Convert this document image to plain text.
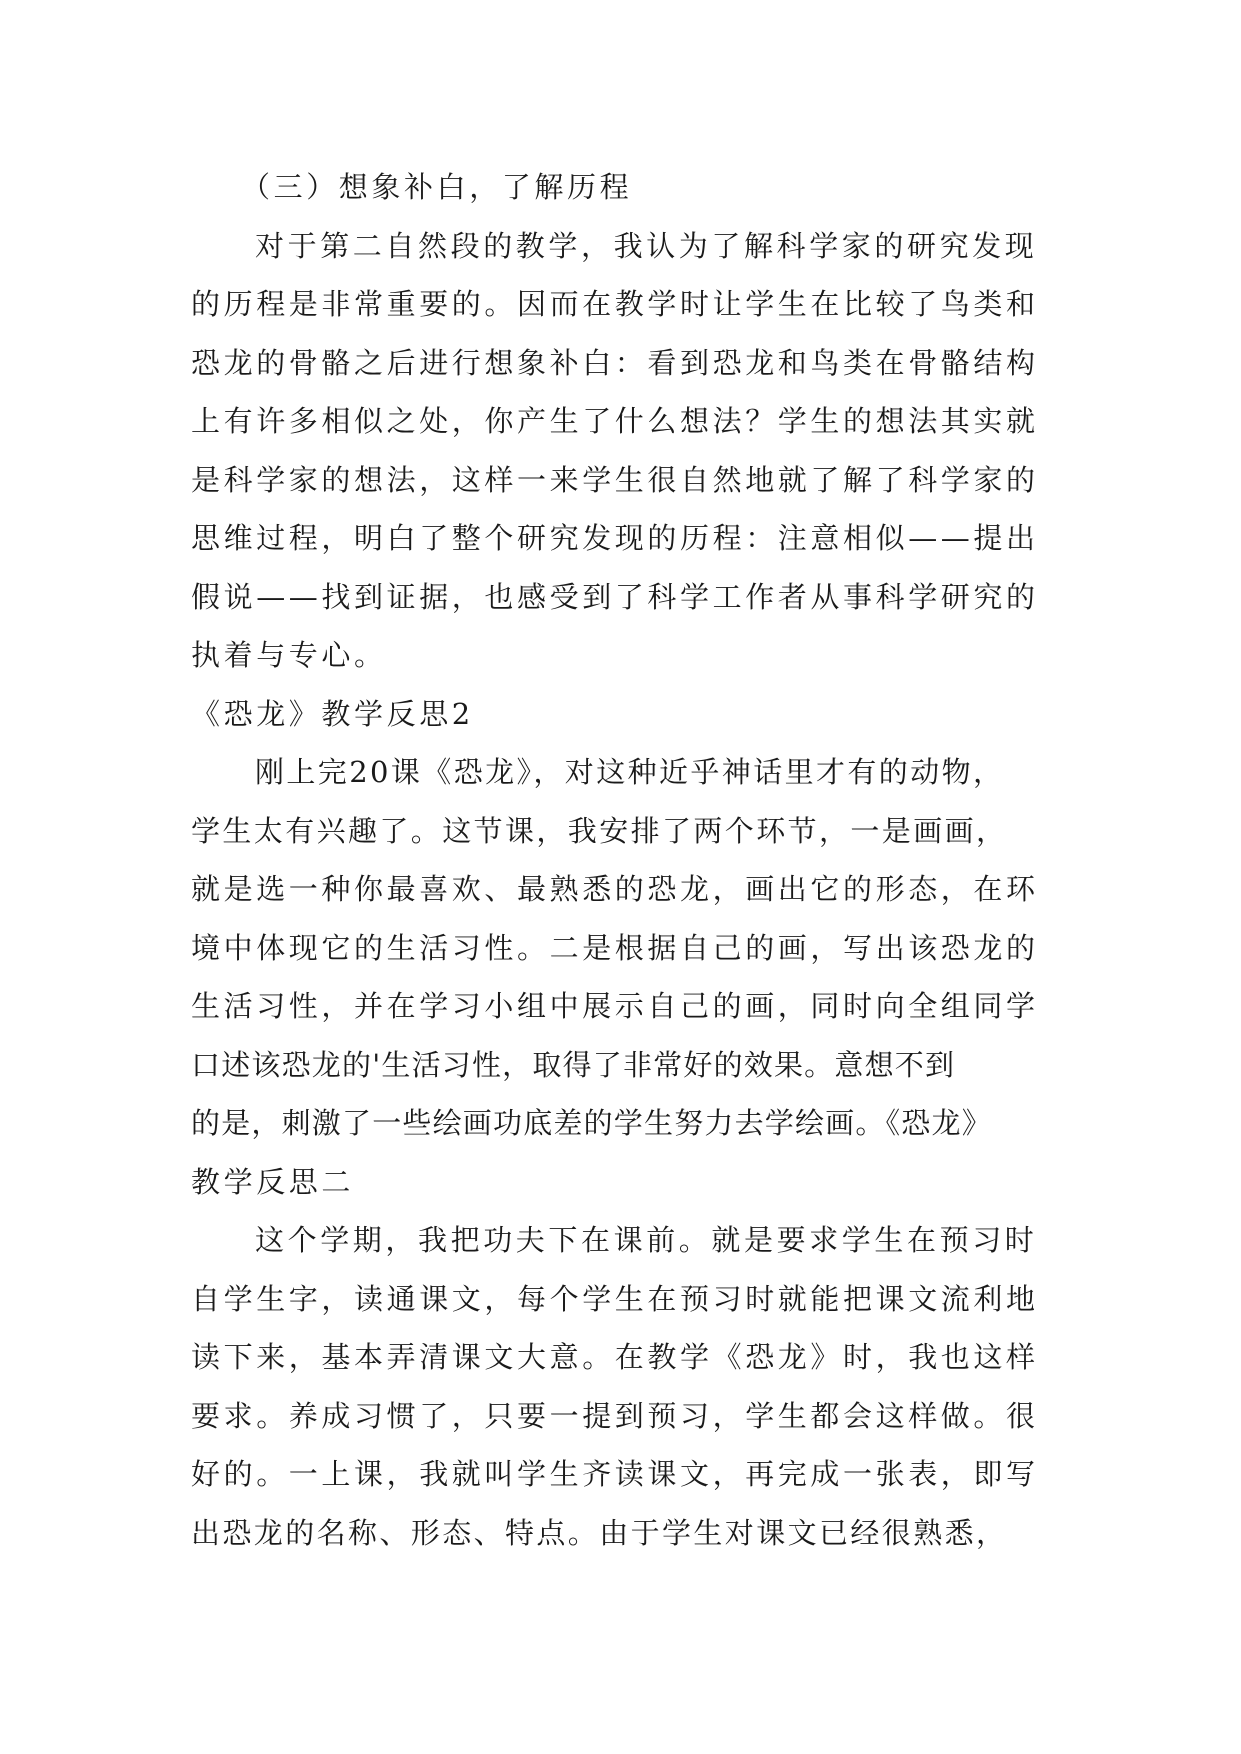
（三）想象补白，了解历程
对于第二自然段的教学，我认为了解科学家的研究发现
的历程是非常重要的。因而在教学时让学生在比较了鸟类和
恐龙的骨骼之后进行想象补白：看到恐龙和鸟类在骨骼结构
上有许多相似之处，你产生了什么想法？学生的想法其实就
是科学家的想法，这样一来学生很自然地就了解了科学家的
思维过程，明白了整个研究发现的历程：注意相似——提出
假说——找到证据，也感受到了科学工作者从事科学研究的
执着与专心。
《恐龙》教学反思2
刚上完20课《恐龙》，对这种近乎神话里才有的动物，
学生太有兴趣了。这节课，我安排了两个环节，一是画画，
就是选一种你最喜欢、最熟悉的恐龙，画出它的形态，在环
境中体现它的生活习性。二是根据自己的画，写出该恐龙的
生活习性，并在学习小组中展示自己的画，同时向全组同学
口述该恐龙的'生活习性，取得了非常好的效果。意想不到
的是，刺激了一些绘画功底差的学生努力去学绘画。《恐龙》
教学反思二
这个学期，我把功夫下在课前。就是要求学生在预习时
自学生字，读通课文，每个学生在预习时就能把课文流利地
读下来，基本弄清课文大意。在教学《恐龙》时，我也这样
要求。养成习惯了，只要一提到预习，学生都会这样做。很
好的。一上课，我就叫学生齐读课文，再完成一张表，即写
出恐龙的名称、形态、特点。由于学生对课文已经很熟悉，
